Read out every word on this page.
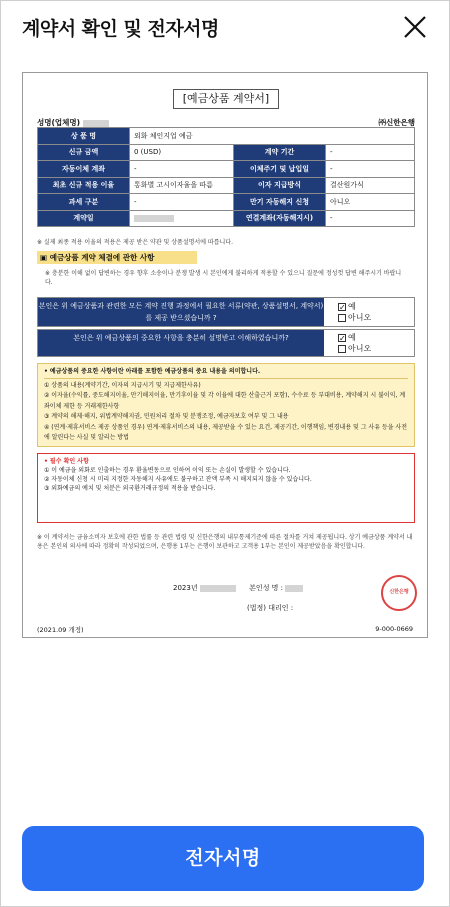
계약서 확인 및 전자서명
[예금상품 계약서]
성명(업체명)	㈜신한은행
상 품 명	외화 체인지업 예금		
신규 금액	0 (USD)	계약 기간	-
자동이체 계좌	-	이체주기 및 납입일	-
최초 신규 적용 이율	통화별 고시이자율을 따름	이자 지급방식	결산원가식
과세 구분	-	만기 자동해지 신청	아니오
계약일		연결계좌(자동해지시)	-
※ 실제 최종 적용 이율의 적용은 제공 받은 약관 및 상품설명서에 따릅니다.
▣ 예금상품 계약 체결에 관한 사항
※ 충분한 이해 없이 답변하는 경우 향후 소송이나 분쟁 발생 시 본인에게 불리하게 적용할 수 있으니 질문에 정성껏 답변 해주시기 바랍니다.
본인은 위 예금상품과 관련한 모든 계약 진행 과정에서 필요한 서류(약관, 상품설명서, 계약서)를 제공 받으셨습니까 ?
✓ 예
아니오
본인은 위 예금상품의 중요한 사항을 충분히 설명받고 이해하였습니까?	✓ 예
아니오
• 예금상품의 중요한 사항이란 아래를 포함한 예금상품의 중요 내용을 의미합니다.
① 상품의 내용(계약기간, 이자의 지급시기 및 지급제한사유)
② 이자율(수익률, 중도해지이율, 만기해지이율, 만기후이율 및 각 이율에 대한 산출근거 포함), 수수료 등 부대비용, 계약해지 시 불이익, 계좌이체 제한 등 거래제한사항
③ 계약의 해제·해지, 위법계약해지권, 민원처리 절차 및 분쟁조정, 예금자보호 여부 및 그 내용
④ (연계·제휴서비스 제공 상품인 경우) 연계·제휴서비스의 내용, 제공받을 수 있는 요건, 제공기간, 이행책임, 변경내용 및 그 사유 등을 사전에 알린다는 사실 및 알리는 방법
• 필수 확인 사항
① 이 예금을 외화로 인출하는 경우 환율변동으로 인하여 이익 또는 손실이 발생할 수 있습니다.
② 자동이체 신청 시 미리 지정한 자동해지 사유에도 불구하고 잔액 부족 시 해지되지 않을 수 있습니다.
③ 외화예금의 예치 및 처분은 외국환거래규정의 적용을 받습니다.
※ 이 계약서는 금융소비자 보호에 관한 법률 등 관련 법령 및 신한은행의 내부통제기준에 따른 절차를 거쳐 제공됩니다. 상기 예금상품 계약서 내용은 본인의 의사에 따라 정확히 작성되었으며, 은행용 1부는 은행이 보관하고 고객용 1부는 본인이 제공받았음을 확인합니다.
2023년	본인성 명 :
(법정) 대리인 :
신한은행
(2021.09 개정)	9-000-0669
전자서명
